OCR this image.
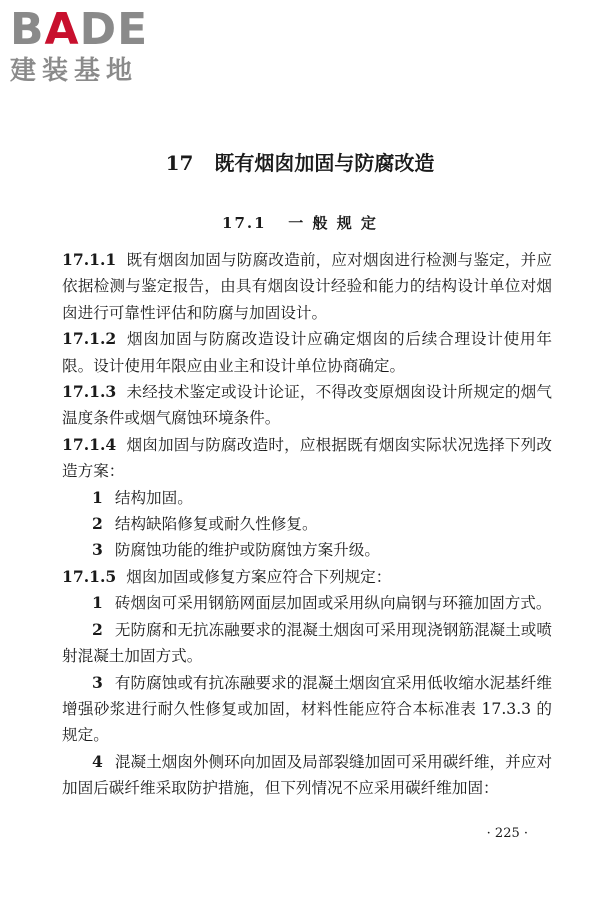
BADE
建装基地
17 既有烟囱加固与防腐改造
17.1 一 般 规 定

17.1.1 既有烟囱加固与防腐改造前，应对烟囱进行检测与鉴定，并应依据检测与鉴定报告，由具有烟囱设计经验和能力的结构设计单位对烟囱进行可靠性评估和防腐与加固设计。

17.1.2 烟囱加固与防腐改造设计应确定烟囱的后续合理设计使用年限。设计使用年限应由业主和设计单位协商确定。

17.1.3 未经技术鉴定或设计论证，不得改变原烟囱设计所规定的烟气温度条件或烟气腐蚀环境条件。

17.1.4 烟囱加固与防腐改造时，应根据既有烟囱实际状况选择下列改造方案：

1 结构加固。

2 结构缺陷修复或耐久性修复。

3 防腐蚀功能的维护或防腐蚀方案升级。

17.1.5 烟囱加固或修复方案应符合下列规定：

1 砖烟囱可采用钢筋网面层加固或采用纵向扁钢与环箍加固方式。

2 无防腐和无抗冻融要求的混凝土烟囱可采用现浇钢筋混凝土或喷射混凝土加固方式。

3 有防腐蚀或有抗冻融要求的混凝土烟囱宜采用低收缩水泥基纤维增强砂浆进行耐久性修复或加固，材料性能应符合本标准表 17.3.3 的规定。

4 混凝土烟囱外侧环向加固及局部裂缝加固可采用碳纤维，并应对加固后碳纤维采取防护措施，但下列情况不应采用碳纤维加固：

· 225 ·
